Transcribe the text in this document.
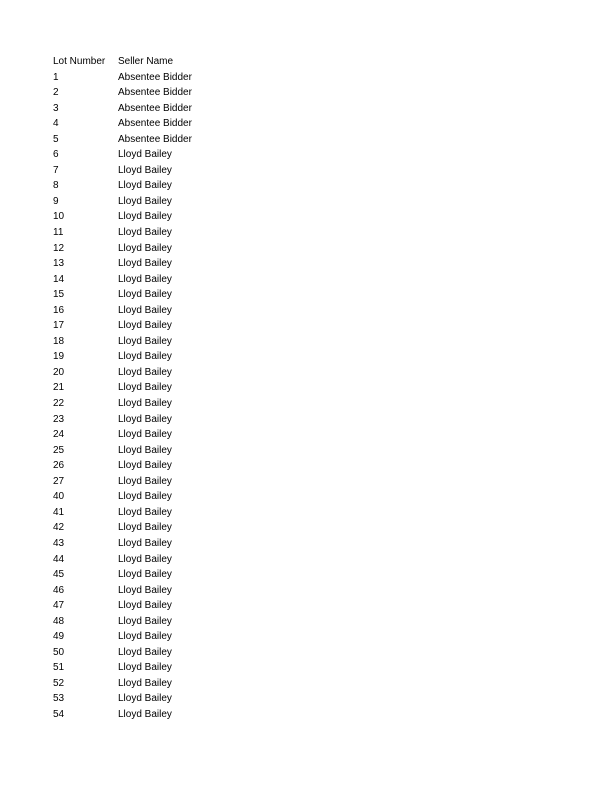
Lot Number	Seller Name
1	Absentee Bidder
2	Absentee Bidder
3	Absentee Bidder
4	Absentee Bidder
5	Absentee Bidder
6	Lloyd Bailey
7	Lloyd Bailey
8	Lloyd Bailey
9	Lloyd Bailey
10	Lloyd Bailey
11	Lloyd Bailey
12	Lloyd Bailey
13	Lloyd Bailey
14	Lloyd Bailey
15	Lloyd Bailey
16	Lloyd Bailey
17	Lloyd Bailey
18	Lloyd Bailey
19	Lloyd Bailey
20	Lloyd Bailey
21	Lloyd Bailey
22	Lloyd Bailey
23	Lloyd Bailey
24	Lloyd Bailey
25	Lloyd Bailey
26	Lloyd Bailey
27	Lloyd Bailey
40	Lloyd Bailey
41	Lloyd Bailey
42	Lloyd Bailey
43	Lloyd Bailey
44	Lloyd Bailey
45	Lloyd Bailey
46	Lloyd Bailey
47	Lloyd Bailey
48	Lloyd Bailey
49	Lloyd Bailey
50	Lloyd Bailey
51	Lloyd Bailey
52	Lloyd Bailey
53	Lloyd Bailey
54	Lloyd Bailey
